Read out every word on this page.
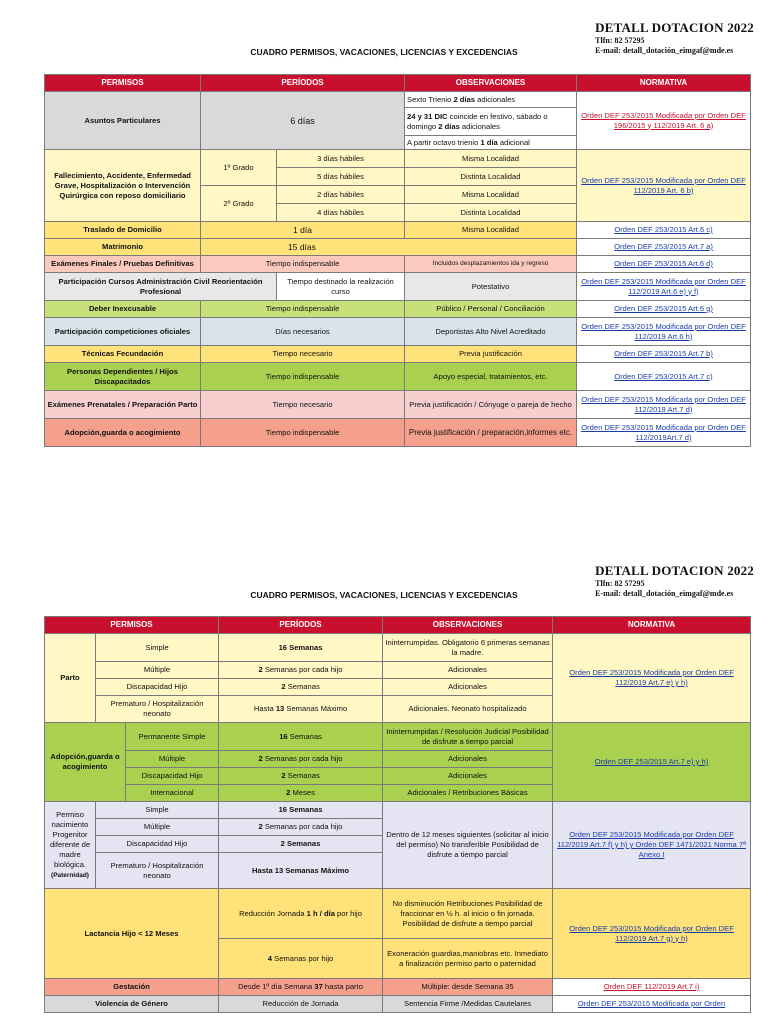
DETALL DOTACION 2022
Tlfn: 82 57295
E-mail: detall_dotación_eimgaf@mde.es
CUADRO PERMISOS, VACACIONES, LICENCIAS Y EXCEDENCIAS
PERMISOS	PERÍODOS		OBSERVACIONES	NORMATIVA
Asuntos Particulares	6 días		Sexto Trienio 2 días adicionales	Orden DEF 253/2015 Modificada por Orden DEF 196/2015 y 112/2019 Art. 6 a)
			24 y 31 DIC coincide en festivo, sábado o domingo 2 días adicionales	
			A partir octavo trienio 1 día adicional	
Fallecimiento, Accidente, Enfermedad Grave, Hospitalización o Intervención Quirúrgica con reposo domiciliario	1º Grado	3 días hábiles	Misma Localidad	Orden DEF 253/2015 Modificada por Orden DEF 112/2019 Art. 6 b)
		5 días hábiles	Distinta Localidad	
	2º Grado	2 días hábiles	Misma Localidad	
		4 días hábiles	Distinta Localidad	
Traslado de Domicilio	1 día		Misma Localidad	Orden DEF 253/2015 Art.6 c)
Matrimonio	15 días			Orden DEF 253/2015 Art.7 a)
Exámenes Finales / Pruebas Definitivas	Tiempo indispensable		Incluidos desplazamientos ida y regreso	Orden DEF 253/2015 Art.6 d)
Participación Cursos Administración Civil Reorientación Profesional		Tiempo destinado la realización curso	Potestativo	Orden DEF 253/2015 Modificada por Orden DEF 112/2019 Art.6 e) y f)
Deber Inexcusable	Tiempo indispensable		Público / Personal / Conciliación	Orden DEF 253/2015 Art.6 g)
Participación competiciones oficiales	Días necesarios		Deportistas Alto Nivel Acreditado	Orden DEF 253/2015 Modificada por Orden DEF 112/2019 Art.6 h)
Técnicas Fecundación	Tiempo necesario		Previa justificación	Orden DEF 253/2015 Art.7 b)
Personas Dependientes / Hijos Discapacitados	Tiempo indispensable		Apoyo especial, tratamientos, etc.	Orden DEF 253/2015 Art.7 c)
Exámenes Prenatales / Preparación Parto	Tiempo necesario		Previa justificación / Cónyuge o pareja de hecho	Orden DEF 253/2015 Modificada por Orden DEF 112/2019 Art.7 d)
Adopción,guarda o acogimiento	Tiempo indispensable		Previa justificación / preparación,informes etc.	Orden DEF 253/2015 Modificada por Orden DEF 112/2019Art.7 d)
DETALL DOTACION 2022
Tlfn: 82 57295
E-mail: detall_dotación_eimgaf@mde.es
CUADRO PERMISOS, VACACIONES, LICENCIAS Y EXCEDENCIAS
PERMISOS			PERÍODOS	OBSERVACIONES	NORMATIVA
Parto	Simple		16 Semanas	Ininterrumpidas. Obligatorio 6 primeras semanas la madre.	Orden DEF 253/2015 Modificada por Orden DEF 112/2019 Art.7 e) y h)
	Múltiple		2 Semanas por cada hijo	Adicionales	
	Discapacidad Hijo		2 Semanas	Adicionales	
	Prematuro / Hospitalización neonato		Hasta 13 Semanas Máximo	Adicionales. Neonato hospitalizado	
Adopción,guarda o acogimiento		Permanente Simple	16 Semanas	Ininterrumpidas / Resolución Judicial Posibilidad de disfrute a tiempo parcial	Orden DEF 253/2015 Art.7 e) y h)
		Múltiple	2 Semanas por cada hijo	Adicionales	
		Discapacidad Hijo	2 Semanas	Adicionales	
		Internacional	2 Meses	Adicionales / Retribuciones Básicas	
Permiso nacimiento Progenitor diferente de madre biológica.
(Paternidad)	Simple		16 Semanas	Dentro de 12 meses siguientes (solicitar al inicio del permiso) No transferible Posibilidad de disfrute a tiempo parcial	Orden DEF 253/2015 Modificada por Orden DEF 112/2019 Art.7 f) y h) y Orden DEF 1471/2021 Norma 7ª Anexo I
	Múltiple		2 Semanas por cada hijo		
	Discapacidad Hijo		2 Semanas		
	Prematuro / Hospitalización neonato		Hasta 13 Semanas Máximo		
Lactancia Hijo < 12 Meses			Reducción Jornada 1 h / día por hijo	No disminución Retribuciones Posibilidad de fraccionar en ½ h. al inicio o fin jornada. Posibilidad de disfrute a tiempo parcial	Orden DEF 253/2015 Modificada por Orden DEF 112/2019 Art.7 g) y h)
			4 Semanas por hijo	Exoneración guardias,maniobras etc. Inmediato a finalización permiso parto o paternidad	
Gestación			Desde 1º día Semana 37 hasta parto	Múltiple: desde Semana 35	Orden DEF 112/2019 Art.7 i)
Violencia de Género			Reducción de Jornada	Sentencia Firme /Medidas Cautelares	Orden DEF 253/2015 Modificada por Orden
